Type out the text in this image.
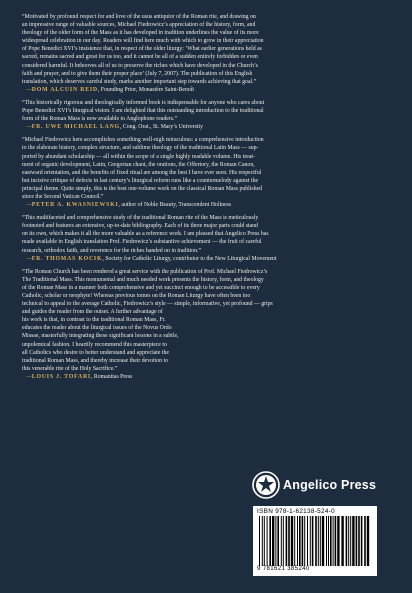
“Motivated by profound respect for and love of the usus antiquior of the Roman rite, and drawing on
an impressive range of valuable sources, Michael Fiedrowicz’s appreciation of the history, form, and
theology of the older form of the Mass as it has developed in tradition underlines the value of its more
widespread celebration in our day. Readers will find here much with which to grow in their appreciation
of Pope Benedict XVI’s insistence that, in respect of the older liturgy: ‘What earlier generations held as
sacred, remains sacred and great for us too, and it cannot be all of a sudden entirely forbidden or even
considered harmful. It behooves all of us to preserve the riches which have developed in the Church’s
faith and prayer, and to give them their proper place’ (July 7, 2007). The publication of this English
translation, which deserves careful study, marks another important step towards achieving that goal.”

—DOM ALCUIN REID, Founding Prior, Monastère Saint-Benoît

“This historically rigorous and theologically informed book is indispensable for anyone who cares about
Pope Benedict XVI’s liturgical vision. I am delighted that this outstanding introduction to the traditional
form of the Roman Mass is now available to Anglophone readers.”

—FR. UWE MICHAEL LANG, Cong. Orat., St. Mary’s University

“Michael Fiedrowicz here accomplishes something well-nigh miraculous: a comprehensive introduction
to the elaborate history, complex structure, and sublime theology of the traditional Latin Mass — sup-
ported by abundant scholarship — all within the scope of a single highly readable volume. His treat-
ment of organic development, Latin, Gregorian chant, the orations, the Offertory, the Roman Canon,
eastward orientation, and the benefits of fixed ritual are among the best I have ever seen. His respectful
but incisive critique of defects in last century’s liturgical reform runs like a countermelody against the
principal theme. Quite simply, this is the best one-volume work on the classical Roman Mass published
since the Second Vatican Council.”

—PETER A. KWASNIEWSKI, author of Noble Beauty, Transcendent Holiness

“This multifaceted and comprehensive study of the traditional Roman rite of the Mass is meticulously
footnoted and features an extensive, up-to-date bibliography. Each of its three major parts could stand
on its own, which makes it all the more valuable as a reference work. I am pleased that Angelico Press has
made available in English translation Prof. Fiedrowicz’s substantive achievement — the fruit of careful
research, orthodox faith, and reverence for the riches handed on in tradition.”

—FR. THOMAS KOCIK, Society for Catholic Liturgy, contributor to the New Liturgical Movement

“The Roman Church has been rendered a great service with the publication of Prof. Michael Fiedrowicz’s
The Traditional Mass. This monumental and much needed work presents the history, form, and theology
of the Roman Mass in a manner both comprehensive and yet succinct enough to be accessible to every
Catholic, scholar or neophyte! Whereas previous tomes on the Roman Liturgy have often been too
technical to appeal to the average Catholic, Fiedrowicz’s style — simple, informative, yet profound — grips

and guides the reader from the outset. A further advantage of
his work is that, in contrast to the traditional Roman Mass, Fr.
educates the reader about the liturgical issues of the Novus Ordo
Missae, masterfully integrating these significant lessons in a subtle,
unpolemical fashion. I heartily recommend this masterpiece to
all Catholics who desire to better understand and appreciate the
traditional Roman Mass, and thereby increase their devotion to
this venerable rite of the Holy Sacrifice.”

—LOUIS J. TOFARI, Romanitas Press
Angelico Press
ISBN 978-1-62138-524-0
9 781621 385240
